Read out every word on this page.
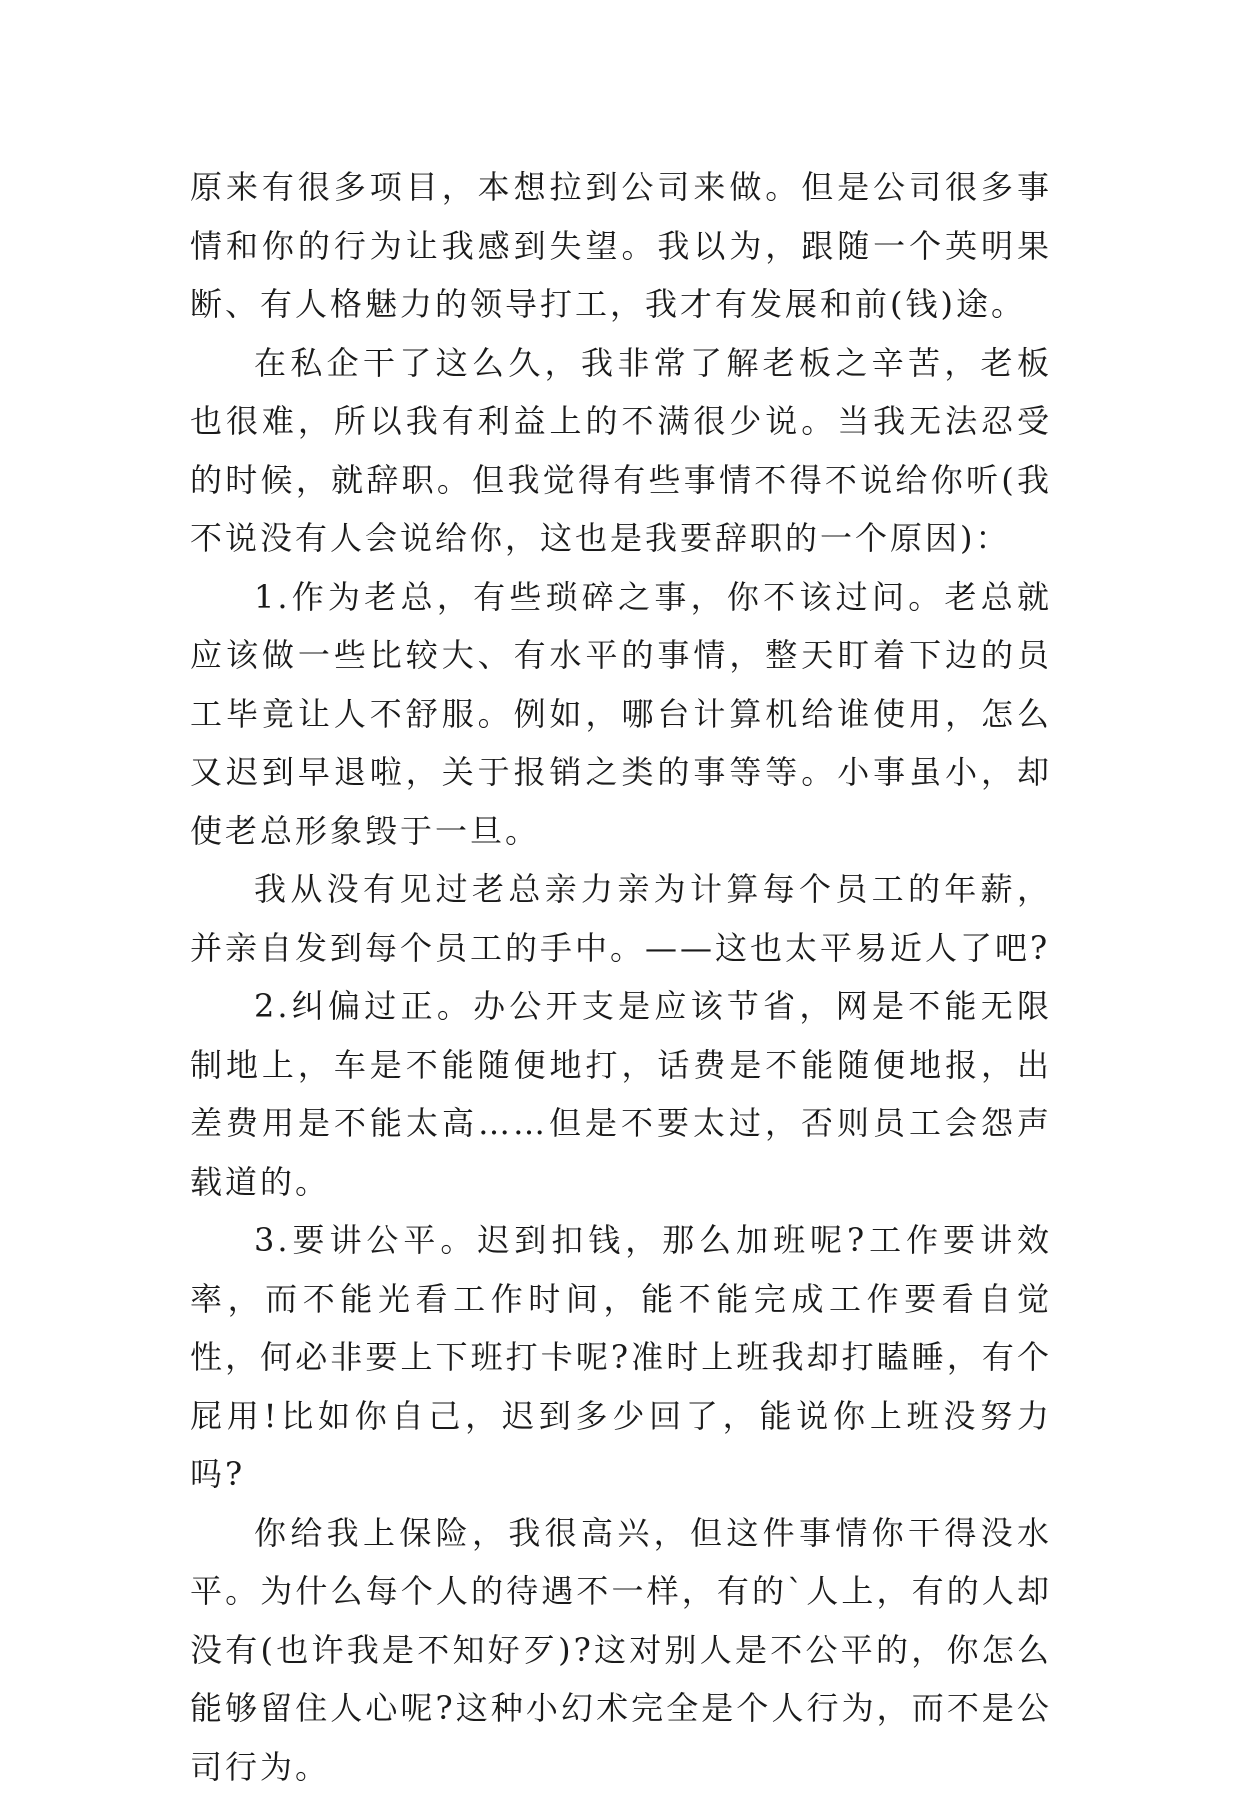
原来有很多项目，本想拉到公司来做。但是公司很多事情和你的行为让我感到失望。我以为，跟随一个英明果断、有人格魅力的领导打工，我才有发展和前(钱)途。

在私企干了这么久，我非常了解老板之辛苦，老板也很难，所以我有利益上的不满很少说。当我无法忍受的时候，就辞职。但我觉得有些事情不得不说给你听(我不说没有人会说给你，这也是我要辞职的一个原因)：

1.作为老总，有些琐碎之事，你不该过问。老总就应该做一些比较大、有水平的事情，整天盯着下边的员工毕竟让人不舒服。例如，哪台计算机给谁使用，怎么又迟到早退啦，关于报销之类的事等等。小事虽小，却使老总形象毁于一旦。

我从没有见过老总亲力亲为计算每个员工的年薪，并亲自发到每个员工的手中。——这也太平易近人了吧?

2.纠偏过正。办公开支是应该节省，网是不能无限制地上，车是不能随便地打，话费是不能随便地报，出差费用是不能太高……但是不要太过，否则员工会怨声载道的。

3.要讲公平。迟到扣钱，那么加班呢?工作要讲效率，而不能光看工作时间，能不能完成工作要看自觉性，何必非要上下班打卡呢?准时上班我却打瞌睡，有个屁用!比如你自己，迟到多少回了，能说你上班没努力吗?

你给我上保险，我很高兴，但这件事情你干得没水平。为什么每个人的待遇不一样，有的`人上，有的人却没有(也许我是不知好歹)?这对别人是不公平的，你怎么能够留住人心呢?这种小幻术完全是个人行为，而不是公司行为。
